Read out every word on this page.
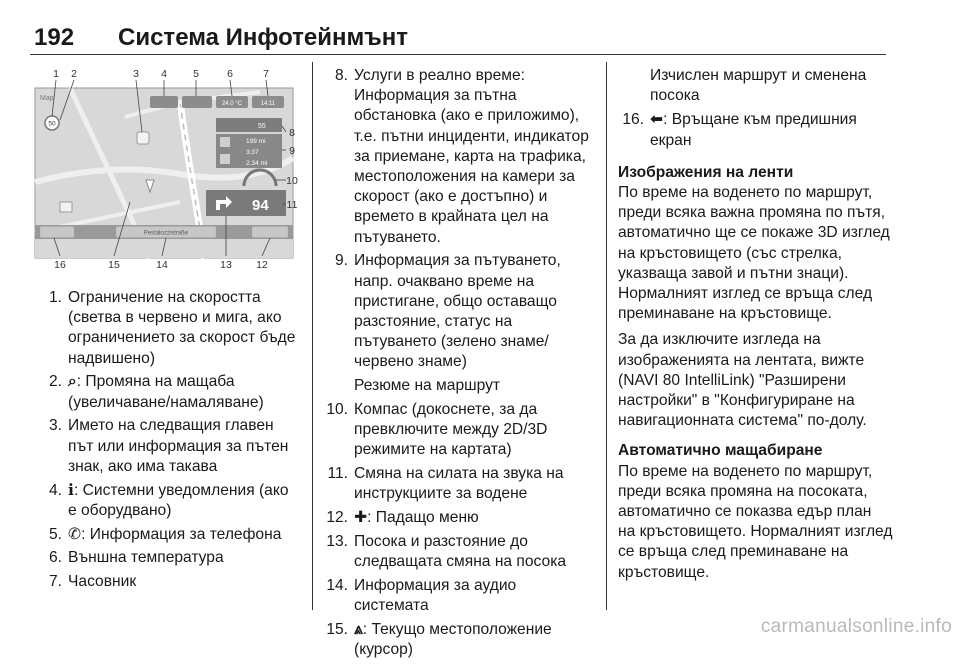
192 Система Инфотейнмънт
24.0 °C	14:11
Map
50	55
199 mi
3:37
2.34 mi
94
Pestalozzistraße
1 2	3 4 5	6	7
8
9
10
11
16	15	14	13 12
1. Ограничение на скоростта (светва в червено и мига, ако ограничението за скорост бъде надвишено)
2. ⌕: Промяна на мащаба (увеличаване/намаляване)
3. Името на следващия главен път или информация за пътен знак, ако има такава
4. ℹ: Системни уведомления (ако е оборудвано)
5. ✆: Информация за телефона
6. Външна температура
7. Часовник
8. Услуги в реално време: Информация за пътна обстановка (ако е приложимо), т.е. пътни инциденти, индикатор за приемане, карта на трафика, местоположения на камери за скорост (ако е достъпно) и времето в крайната цел на пътуването.
9. Информация за пътуването, напр. очаквано време на пристигане, общо оставащо разстояние, статус на пътуването (зелено знаме/ червено знаме)
Резюме на маршрут
10. Компас (докоснете, за да превключите между 2D/3D режимите на картата)
11. Смяна на силата на звука на инструкциите за водене
12. ✚: Падащо меню
13. Посока и разстояние до следващата смяна на посока
14. Информация за аудио системата
15. ⩓: Текущо местоположение (курсор)
Изчислен маршрут и сменена посока
16. ⬅: Връщане към предишния екран
Изображения на ленти

По време на воденето по маршрут, преди всяка важна промяна по пътя, автоматично ще се покаже 3D изглед на кръстовището (със стрелка, указваща завой и пътни знаци). Нормалният изглед се връща след преминаване на кръстовище.

За да изключите изгледа на изображенията на лентата, вижте (NAVI 80 IntelliLink) "Разширени настройки" в "Конфигуриране на навигационната система" по-долу.

Автоматично мащабиране

По време на воденето по маршрут, преди всяка промяна на посоката, автоматично се показва едър план на кръстовището. Нормалният изглед се връща след преминаване на кръстовище.

carmanualsonline.info
